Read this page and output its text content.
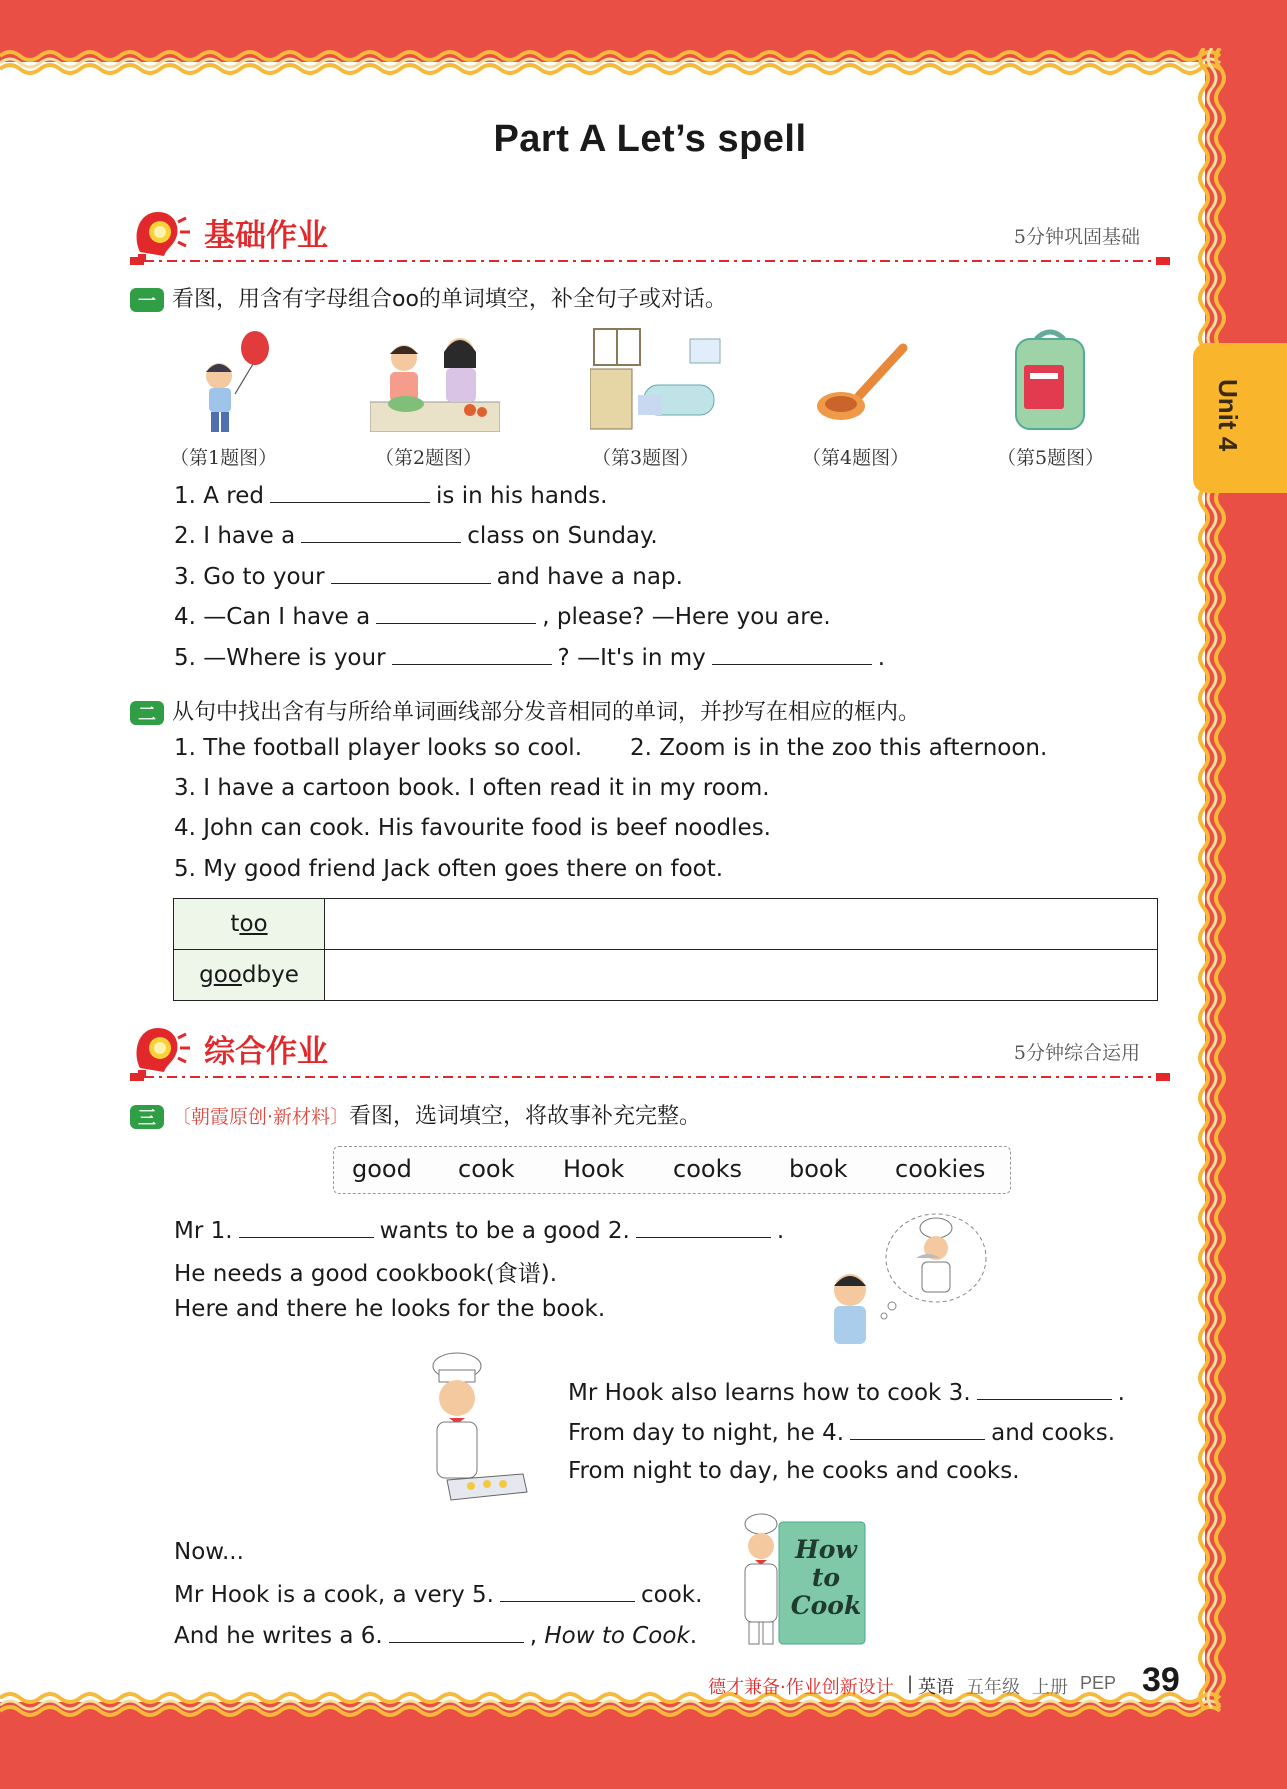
Unit 4
Part A Let’s spell
基础作业	5分钟巩固基础
一 看图，用含有字母组合oo的单词填空，补全句子或对话。
（第1题图）	（第2题图）	（第3题图）	（第4题图）	（第5题图）
1. A red	is in his hands.
2. I have a	class on Sunday.
3. Go to your	and have a nap.
4. —Can I have a	, please? —Here you are.
5. —Where is your	? —It's in my	.
二 从句中找出含有与所给单词画线部分发音相同的单词，并抄写在相应的框内。
1. The football player looks so cool. 2. Zoom is in the zoo this afternoon.
3. I have a cartoon book. I often read it in my room.
4. John can cook. His favourite food is beef noodles.
5. My good friend Jack often goes there on foot.
too	
goodbye	
综合作业	5分钟综合运用
三 〔朝霞原创·新材料〕看图，选词填空，将故事补充完整。
good cook Hook cooks book cookies
Mr 1.	wants to be a good 2.	.
He needs a good cookbook(食谱).
Here and there he looks for the book.
Mr Hook also learns how to cook 3.	.
From day to night, he 4.	and cooks.
From night to day, he cooks and cooks.
Now...
Mr Hook is a cook, a very 5.	cook.
And he writes a 6.	, How to Cook.
How
to
Cook
德才兼备·作业创新设计 | 英语 五年级 上册 PEP 39
